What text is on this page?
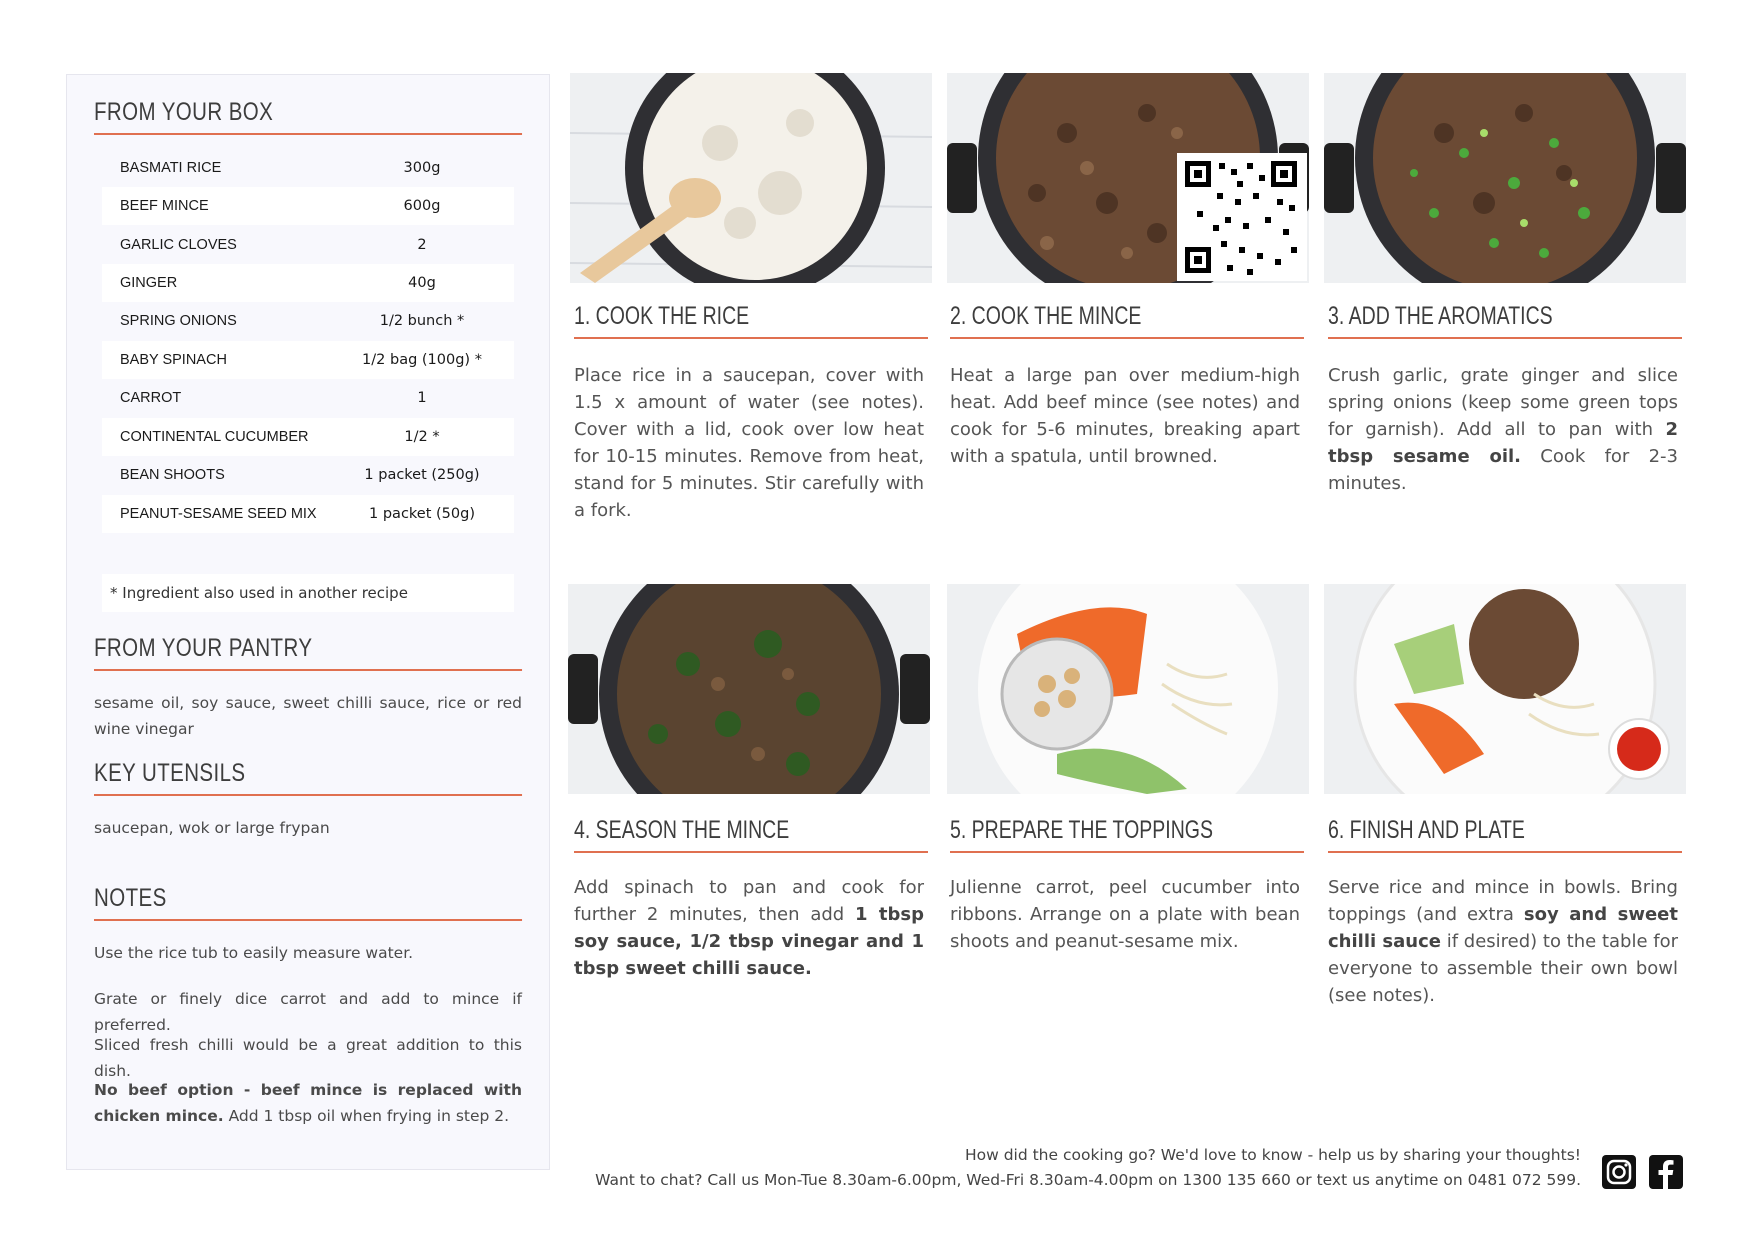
FROM YOUR BOX
BASMATI RICE	300g
BEEF MINCE	600g
GARLIC CLOVES	2
GINGER	40g
SPRING ONIONS	1/2 bunch *
BABY SPINACH	1/2 bag (100g) *
CARROT	1
CONTINENTAL CUCUMBER	1/2 *
BEAN SHOOTS	1 packet (250g)
PEANUT-SESAME SEED MIX	1 packet (50g)
* Ingredient also used in another recipe
FROM YOUR PANTRY
sesame oil, soy sauce, sweet chilli sauce, rice or red wine vinegar
KEY UTENSILS
saucepan, wok or large frypan
NOTES
Use the rice tub to easily measure water.
Grate or finely dice carrot and add to mince if preferred.
Sliced fresh chilli would be a great addition to this dish.
No beef option - beef mince is replaced with chicken mince. Add 1 tbsp oil when frying in step 2.
1. COOK THE RICE
Place rice in a saucepan, cover with 1.5 x amount of water (see notes). Cover with a lid, cook over low heat for 10-15 minutes. Remove from heat, stand for 5 minutes. Stir carefully with a fork.
2. COOK THE MINCE
Heat a large pan over medium-high heat. Add beef mince (see notes) and cook for 5-6 minutes, breaking apart with a spatula, until browned.
3. ADD THE AROMATICS
Crush garlic, grate ginger and slice spring onions (keep some green tops for garnish). Add all to pan with 2 tbsp sesame oil. Cook for 2-3 minutes.
4. SEASON THE MINCE
Add spinach to pan and cook for further 2 minutes, then add 1 tbsp soy sauce, 1/2 tbsp vinegar and 1 tbsp sweet chilli sauce.
5. PREPARE THE TOPPINGS
Julienne carrot, peel cucumber into ribbons. Arrange on a plate with bean shoots and peanut-sesame mix.
6. FINISH AND PLATE
Serve rice and mince in bowls. Bring toppings (and extra soy and sweet chilli sauce if desired) to the table for everyone to assemble their own bowl (see notes).
How did the cooking go? We'd love to know - help us by sharing your thoughts!
Want to chat? Call us Mon-Tue 8.30am-6.00pm, Wed-Fri 8.30am-4.00pm on 1300 135 660 or text us anytime on 0481 072 599.
